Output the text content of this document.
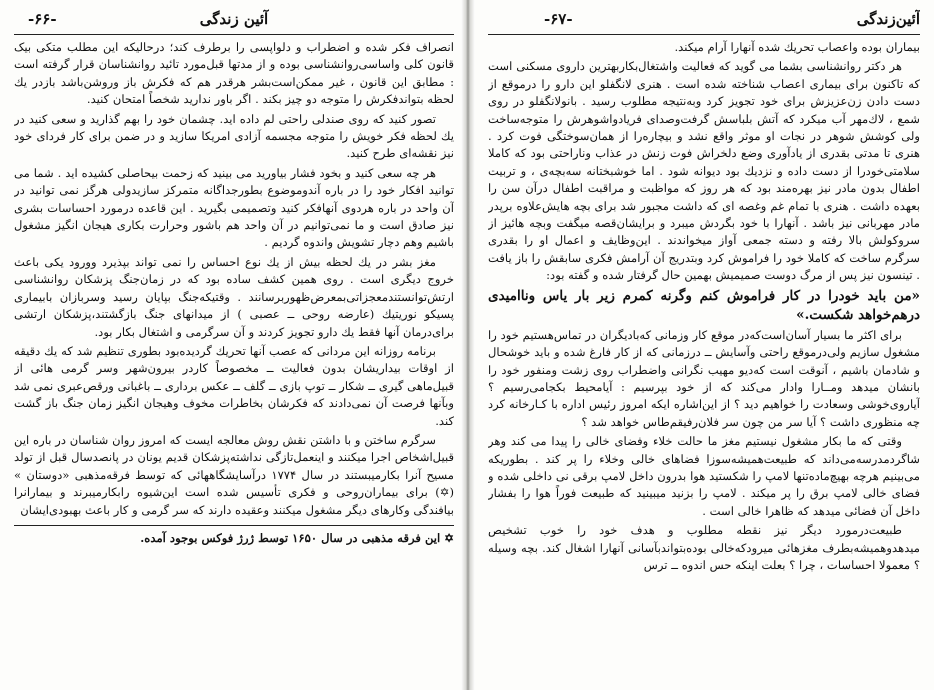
-۶۶-	آئین زندگی

انصراف فکر شده و اضطراب و دلواپسی را برطرف کند؛ درحالیکه این مطلب متکی بیک قانون کلی واساسی‌روانشناسی بوده و از مدتها قبل‌مورد تائید روانشناسان قرار گرفته است : مطابق این قانون ، غیر ممکن‌است‌بشر هرقدر هم که فکرش باز وروشن‌باشد بازدر یك لحظه بتواندفکرش را متوجه دو چیز بکند . اگر باور ندارید شخصاً امتحان کنید.

تصور کنید که روی صندلی راحتی لم داده اید. چشمان خود را بهم گذارید و سعی کنید در یك لحظه فکر خویش را متوجه مجسمه آزادی امریکا سازید و در ضمن برای کار فردای خود نیز نقشه‌ای طرح کنید.

هر چه سعی کنید و بخود فشار بیاورید می بینید که زحمت بیحاصلی کشیده اید . شما می توانید افکار خود را در باره آندوموضوع بطورجداگانه متمرکز سازید‌ولی هرگز نمی توانید در آن واحد در باره هردوی آنهافکر کنید وتصمیمی بگیرید . این قاعده درمورد احساسات بشری نیز صادق است و ما نمی‌توانیم در آن واحد هم باشور وحرارت بکاری هیجان انگیز مشغول باشیم وهم دچار تشویش واندوه گردیم .

مغز بشر در یك لحظه بیش از یك نوع احساس را نمی تواند بپذیرد وورود یکی باعث خروج دیگری است . روی همین کشف ساده بود که در زمان‌جنگ پزشکان روانشناسی ارتش‌توانستندمعجزاتی‌بمعرض‌ظهوربرسانند . وقتیکه‌جنگ بپایان رسید وسربازان بابیماری پسیکو نوریتیك (عارضه روحی ــ عصبی ) از میدانهای جنگ بازگشتند،پزشکان ارتشی برای‌درمان آنها فقط یك دارو تجویز کردند و آن سرگرمی و اشتغال بکار بود.

برنامه روزانه این مردانی که عصب آنها تحریك گردیده‌بود بطوری تنظیم شد که یك دقیقه از اوقات بیداریشان بدون فعالیت ــ مخصوصاً کاردر بیرون‌شهر وسر گرمی هائی از قبیل‌ماهی گیری ــ شکار ــ توپ بازی ــ گلف ــ عکس برداری ــ باغبانی ورقص‌عبری نمی شد وبآنها فرصت آن نمی‌دادند که فکرشان بخاطرات مخوف وهیجان انگیز زمان جنگ باز گشت کند.

سرگرم ساختن و با داشتن نقش روش معالجه ایست که امروز روان شناسان در باره این قبیل‌اشخاص اجرا میکنند و اینعمل‌تازگی نداشته‌پزشکان قدیم یونان در پانصدسال قبل از تولد مسیح آنرا بکارمیبستند در سال ۱۷۷۴ درآسایشگاههائی که توسط فرقه‌مذهبی «دوستان » (✡) برای بیماران‌روحی و فکری تأسیس شده است این‌شیوه رابکارمیبرند و بیمارانرا بیافندگی وکارهای دیگر مشغول میکنند وعقیده دارند که سر گرمی و کار باعث بهبودی‌ایشان

✡ این فرقه مذهبی در سال ۱۶۵۰ توسط ژرژ فوکس بوجود آمده.
-۶۷-	آئین‌زندگی

بیماران بوده واعصاب تحریك شده آنهارا آرام میکند.

هر دکتر روانشناسی بشما می گوید که فعالیت واشتغال‌بکار‌بهترین داروی مسکنی است که تاکنون برای بیماری اعصاب شناخته شده است . هنری لانگفلو این دارو را درموقع از دست دادن زن‌عزیزش برای خود تجویز کرد وبه‌نتیجه مطلوب رسید . بانولانگفلو در روی شمع ، لاك‌مهر آب میکرد که آتش بلباسش گرفت‌وصدای فریادواشوهرش را متوجه‌ساخت ولی کوشش شوهر در نجات او موثر واقع نشد و بیچاره‌را از همان‌سوختگی فوت کرد . هنری تا مدتی بقدری از یادآوری وضع دلخراش فوت زنش در عذاب ونا‌راحتی بود که کاملا سلامتی‌خودرا از دست داده و نزدیك بود دیوانه شود . اما خوشبختانه سه‌بچه‌ی ، و تربیت اطفال بدون مادر نیز بهره‌مند بود که هر روز که مواظبت و مراقبت اطفال درآن سن را بعهده داشت . هنری با تمام غم وغصه ای که داشت مجبور شد برای بچه هایش‌علاوه برپدر مادر مهربانی نیز باشد . آنهارا با خود بگردش میبرد و برایشان‌قصه میگفت وبچه هائیز از سروکولش بالا رفته و دسته جمعی آواز میخواندند . این‌وظایف و اعمال او را بقدری سرگرم ساخت که کاملا خود را فراموش کرد وبتدریج آن آرامش فکری سابقش را باز یافت . تینسون نیز پس از مرگ دوست صمیمیش بهمین حال گرفتار شده و گفته بود:

«من باید خودرا در کار فراموش کنم وگرنه کمرم زیر بار یاس وناامیدی درهم‌خواهد شکست.»

برای اکثر ما بسیار آسان‌است‌که‌در موقع کار وزمانی که‌بادیگران در تماس‌هستیم خود را مشغول سازیم ولی‌درموقع راحتی وآسایش ــ درزمانی که از کار فارغ شده و باید خوشحال و شادمان باشیم ، آنوقت است که‌دیو مهیب نگرانی واضطراب روی زشت ومنفور خود را بانشان میدهد ومــارا وادار می‌کند که از خود بپرسیم : آیامحیط بکجامی‌رسیم ؟ آیاروی‌خوشی وسعادت را خواهیم دید ؟ از این‌اشاره ایکه امروز رئیس اداره با کـارخانه کرد چه منظوری داشت ؟ آیا سر من چون سر فلان‌رفیقم‌طاس خواهد شد ؟

وقتی که ما بکار مشغول نیستیم مغز ما حالت خلاء وفضای خالی را پیدا می کند وهر شاگرد‌مدرسه‌می‌داند که طبیعت‌همیشه‌سوزا فضاهای خالی وخلاء را پر کند . بطوریکه می‌بینیم هرچه بهیچ‌ماده‌تنها لامپ را شکستید هوا بدرون داخل لامپ برقی نی داخلی شده و فضای خالی لامپ برق را پر میکند . لامپ را بزنید میبینید که طبیعت فوراً هوا را بفشار داخل آن فضائی میدهد که ظاهرا خالی است .

طبیعت‌درمورد دیگر نیز نقطه مطلوب و هدف خود را خوب تشخیص میدهدوهمیشه‌بطرف مغزهائی میرود‌که‌خالی بوده‌بتواندبآسانی آنهارا اشغال کند. بچه وسیله ؟ معمولا احساسات ، چرا ؟ بعلت اینکه حس اندوه ــ ترس
